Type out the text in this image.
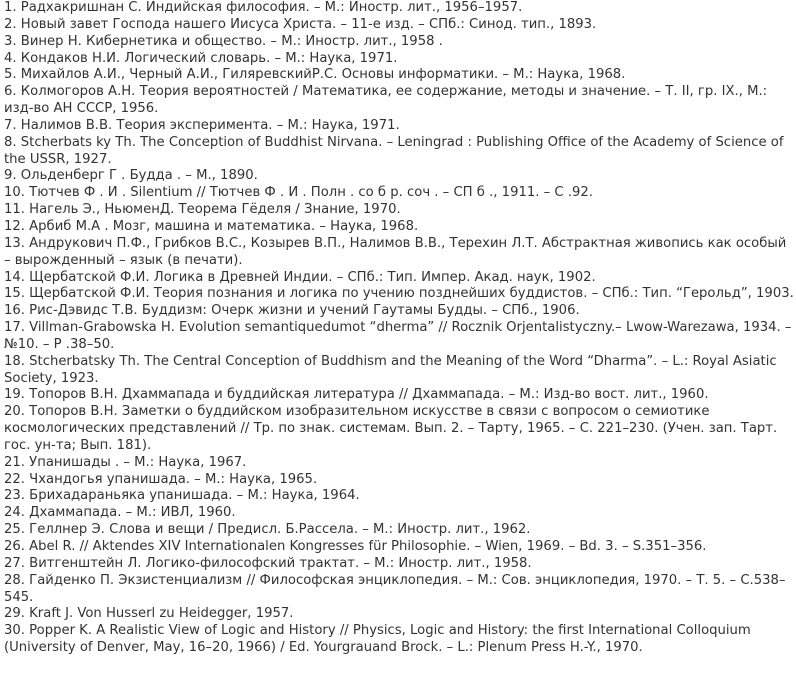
1. Радхакришнан С. Индийская философия. – М.: Иностр. лит., 1956–1957.

2. Новый завет Господа нашего Иисуса Христа. – 11-е изд. – СПб.: Синод. тип., 1893.

3. Винер Н. Кибернетика и общество. – М.: Иностр. лит., 1958 .

4. Кондаков Н.И. Логический словарь. – М.: Наука, 1971.

5. Михайлов А.И., Черный А.И., ГиляревскийР.С. Основы информатики. – М.: Наука, 1968.

6. Колмогоров А.Н. Теория вероятностей / Математика, ее содержание, методы и значение. – Т. II, гр. IX., М.: изд-во АН СССР, 1956.

7. Налимов В.В. Теория эксперимента. – М.: Наука, 1971.

8. Stcherbats ky Th. The Conception of Buddhist Nirvana. – Leningrad : Publishing Office of the Academy of Science of the USSR, 1927.

9. Ольденберг Г . Будда . – М., 1890.

10. Тютчев Ф . И . Silentium // Тютчев Ф . И . Полн . со б р. соч . – СП б ., 1911. – С .92.

11. Нагель Э., НьюменД. Теорема Гёделя / Знание, 1970.

12. Арбиб М.А . Мозг, машина и математика. – Наука, 1968.

13. Андрукович П.Ф., Грибков В.С., Козырев В.П., Налимов В.В., Терехин Л.Т. Абстрактная живопись как особый – вырожденный – язык (в печати).

14. Щербатской Ф.И. Логика в Древней Индии. – СПб.: Тип. Импер. Акад. наук, 1902.

15. Щербатской Ф.И. Теория познания и логика по учению позднейших буддистов. – СПб.: Тип. “Герольд”, 1903.

16. Рис-Дэвидс Т.В. Буддизм: Очерк жизни и учений Гаутамы Будды. – СПб., 1906.

17. Villman-Grabowska H. Evolution semantiquedumot “dherma” // Rocznik Orjentalistyczny.– Lwow-Warezawa, 1934. – №10. – P .38–50.

18. Stcherbatsky Th. The Central Conception of Buddhism and the Meaning of the Word “Dharma”. – L.: Royal Asiatic Society, 1923.

19. Топоров В.Н. Дхаммапада и буддийская литература // Дхаммапада. – М.: Изд-во вост. лит., 1960.

20. Топоров В.Н. Заметки о буддийском изобразительном искусстве в связи с вопросом о семиотике космологических представлений // Тр. по знак. системам. Вып. 2. – Тарту, 1965. – С. 221–230. (Учен. зап. Тарт. гос. ун-та; Вып. 181).

21. Упанишады . – М.: Наука, 1967.

22. Чхандогья упанишада. – М.: Наука, 1965.

23. Брихадараньяка упанишада. – М.: Наука, 1964.

24. Дхаммапада. – М.: ИВЛ, 1960.

25. Геллнер Э. Слова и вещи / Предисл. Б.Рассела. – М.: Иностр. лит., 1962.

26. Abel R. // Aktendes XIV Internationalen Kongresses für Philosophie. – Wien, 1969. – Bd. 3. – S.351–356.

27. Витгенштейн Л. Логико-философский трактат. – М.: Иностр. лит., 1958.

28. Гайденко П. Экзистенциализм // Философская энциклопедия. – М.: Сов. энциклопедия, 1970. – Т. 5. – С.538–545.

29. Kraft J. Von Husserl zu Heidegger, 1957.

30. Popper K. A Realistic View of Logic and History // Physics, Logic and History: the first International Colloquium (University of Denver, May, 16–20, 1966) / Ed. Yourgrauand Brock. – L.: Plenum Press H.-Y., 1970.
